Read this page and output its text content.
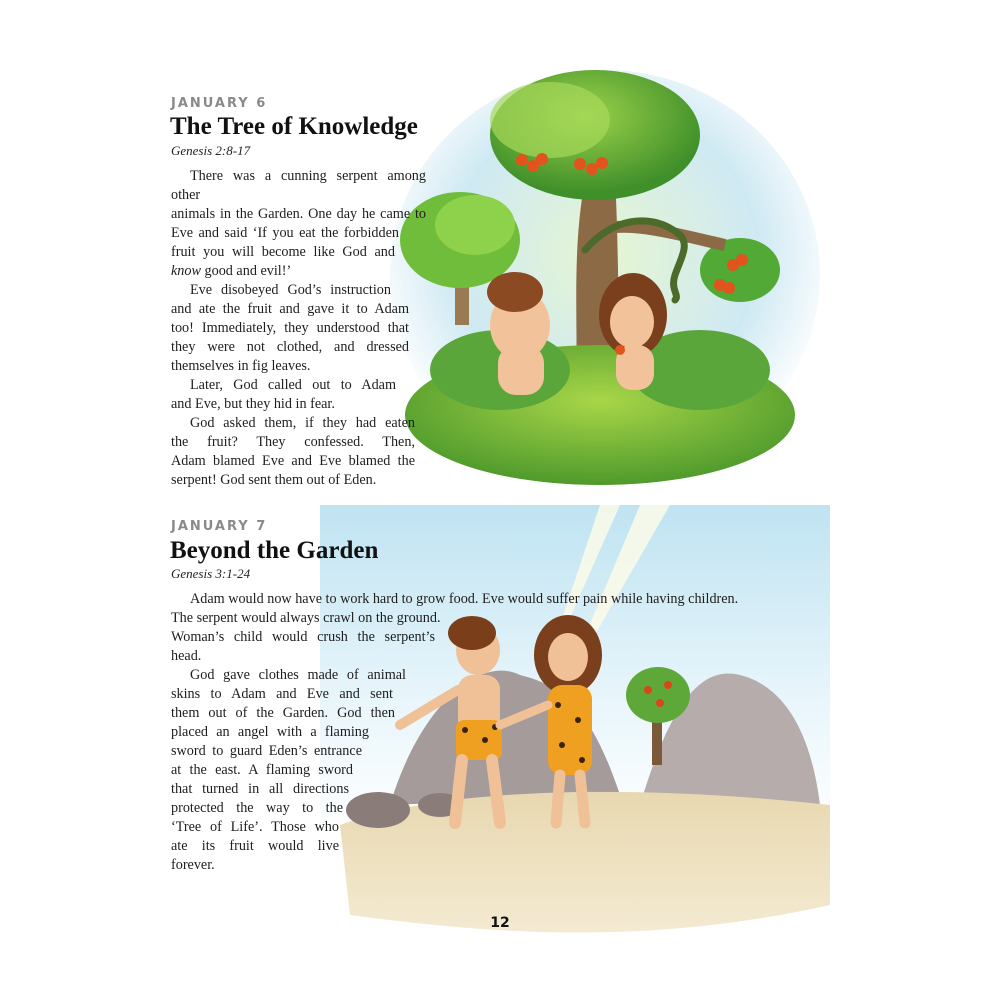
JANUARY 6
The Tree of Knowledge
Genesis 2:8-17

There was a cunning serpent among other

animals in the Garden. One day he came to

Eve and said ‘If you eat the forbidden

fruit you will become like God and

know good and evil!’

Eve disobeyed God’s instruction

and ate the fruit and gave it to Adam

too! Immediately, they understood that

they were not clothed, and dressed

themselves in fig leaves.

Later, God called out to Adam

and Eve, but they hid in fear.

God asked them, if they had eaten

the fruit? They confessed. Then,

Adam blamed Eve and Eve blamed the

serpent! God sent them out of Eden.

JANUARY 7
Beyond the Garden
Genesis 3:1-24

Adam would now have to work hard to grow food. Eve would suffer pain while having children.

The serpent would always crawl on the ground.

Woman’s child would crush the serpent’s

head.

God gave clothes made of animal

skins to Adam and Eve and sent

them out of the Garden. God then

placed an angel with a flaming

sword to guard Eden’s entrance

at the east. A flaming sword

that turned in all directions

protected the way to the

‘Tree of Life’. Those who

ate its fruit would live

forever.

12
